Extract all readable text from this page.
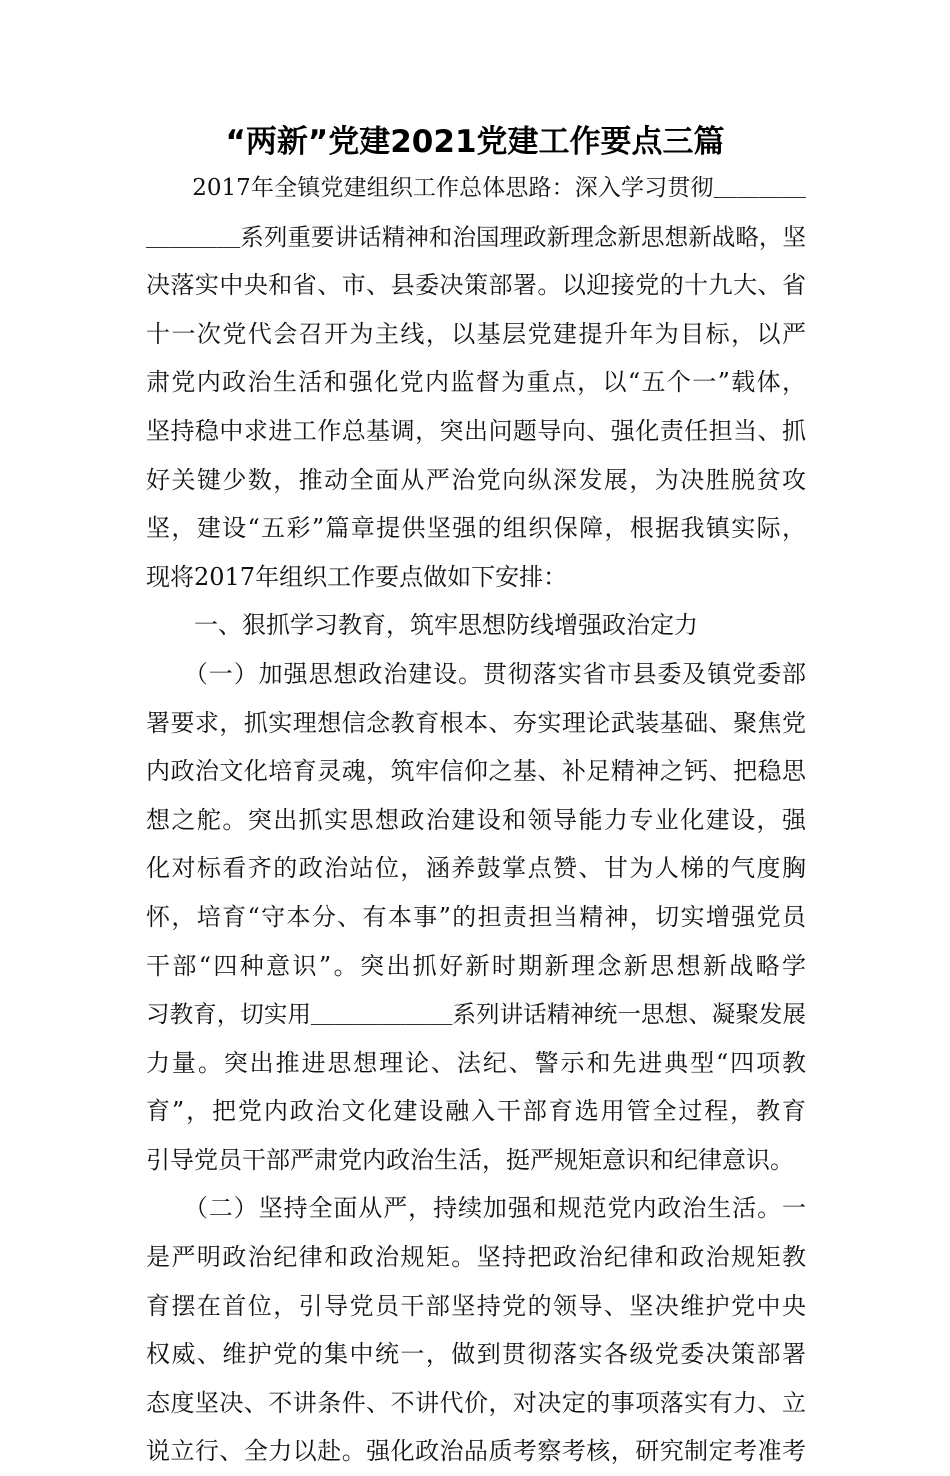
“两新”党建2021党建工作要点三篇
　　2017年全镇党建组织工作总体思路：深入学习贯彻＿＿＿＿
＿＿＿＿系列重要讲话精神和治国理政新理念新思想新战略，坚
决落实中央和省、市、县委决策部署。以迎接党的十九大、省
十一次党代会召开为主线，以基层党建提升年为目标，以严
肃党内政治生活和强化党内监督为重点，以“五个一”载体，
坚持稳中求进工作总基调，突出问题导向、强化责任担当、抓
好关键少数，推动全面从严治党向纵深发展，为决胜脱贫攻
坚，建设“五彩”篇章提供坚强的组织保障，根据我镇实际，
现将2017年组织工作要点做如下安排：
　　一、狠抓学习教育，筑牢思想防线增强政治定力
　　（一）加强思想政治建设。贯彻落实省市县委及镇党委部
署要求，抓实理想信念教育根本、夯实理论武装基础、聚焦党
内政治文化培育灵魂，筑牢信仰之基、补足精神之钙、把稳思
想之舵。突出抓实思想政治建设和领导能力专业化建设，强
化对标看齐的政治站位，涵养鼓掌点赞、甘为人梯的气度胸
怀，培育“守本分、有本事”的担责担当精神，切实增强党员
干部“四种意识”。突出抓好新时期新理念新思想新战略学
习教育，切实用＿＿＿＿＿＿系列讲话精神统一思想、凝聚发展
力量。突出推进思想理论、法纪、警示和先进典型“四项教
育”，把党内政治文化建设融入干部育选用管全过程，教育
引导党员干部严肃党内政治生活，挺严规矩意识和纪律意识。
　　（二）坚持全面从严，持续加强和规范党内政治生活。一
是严明政治纪律和政治规矩。坚持把政治纪律和政治规矩教
育摆在首位，引导党员干部坚持党的领导、坚决维护党中央
权威、维护党的集中统一，做到贯彻落实各级党委决策部署
态度坚决、不讲条件、不讲代价，对决定的事项落实有力、立
说立行、全力以赴。强化政治品质考察考核，研究制定考准考
